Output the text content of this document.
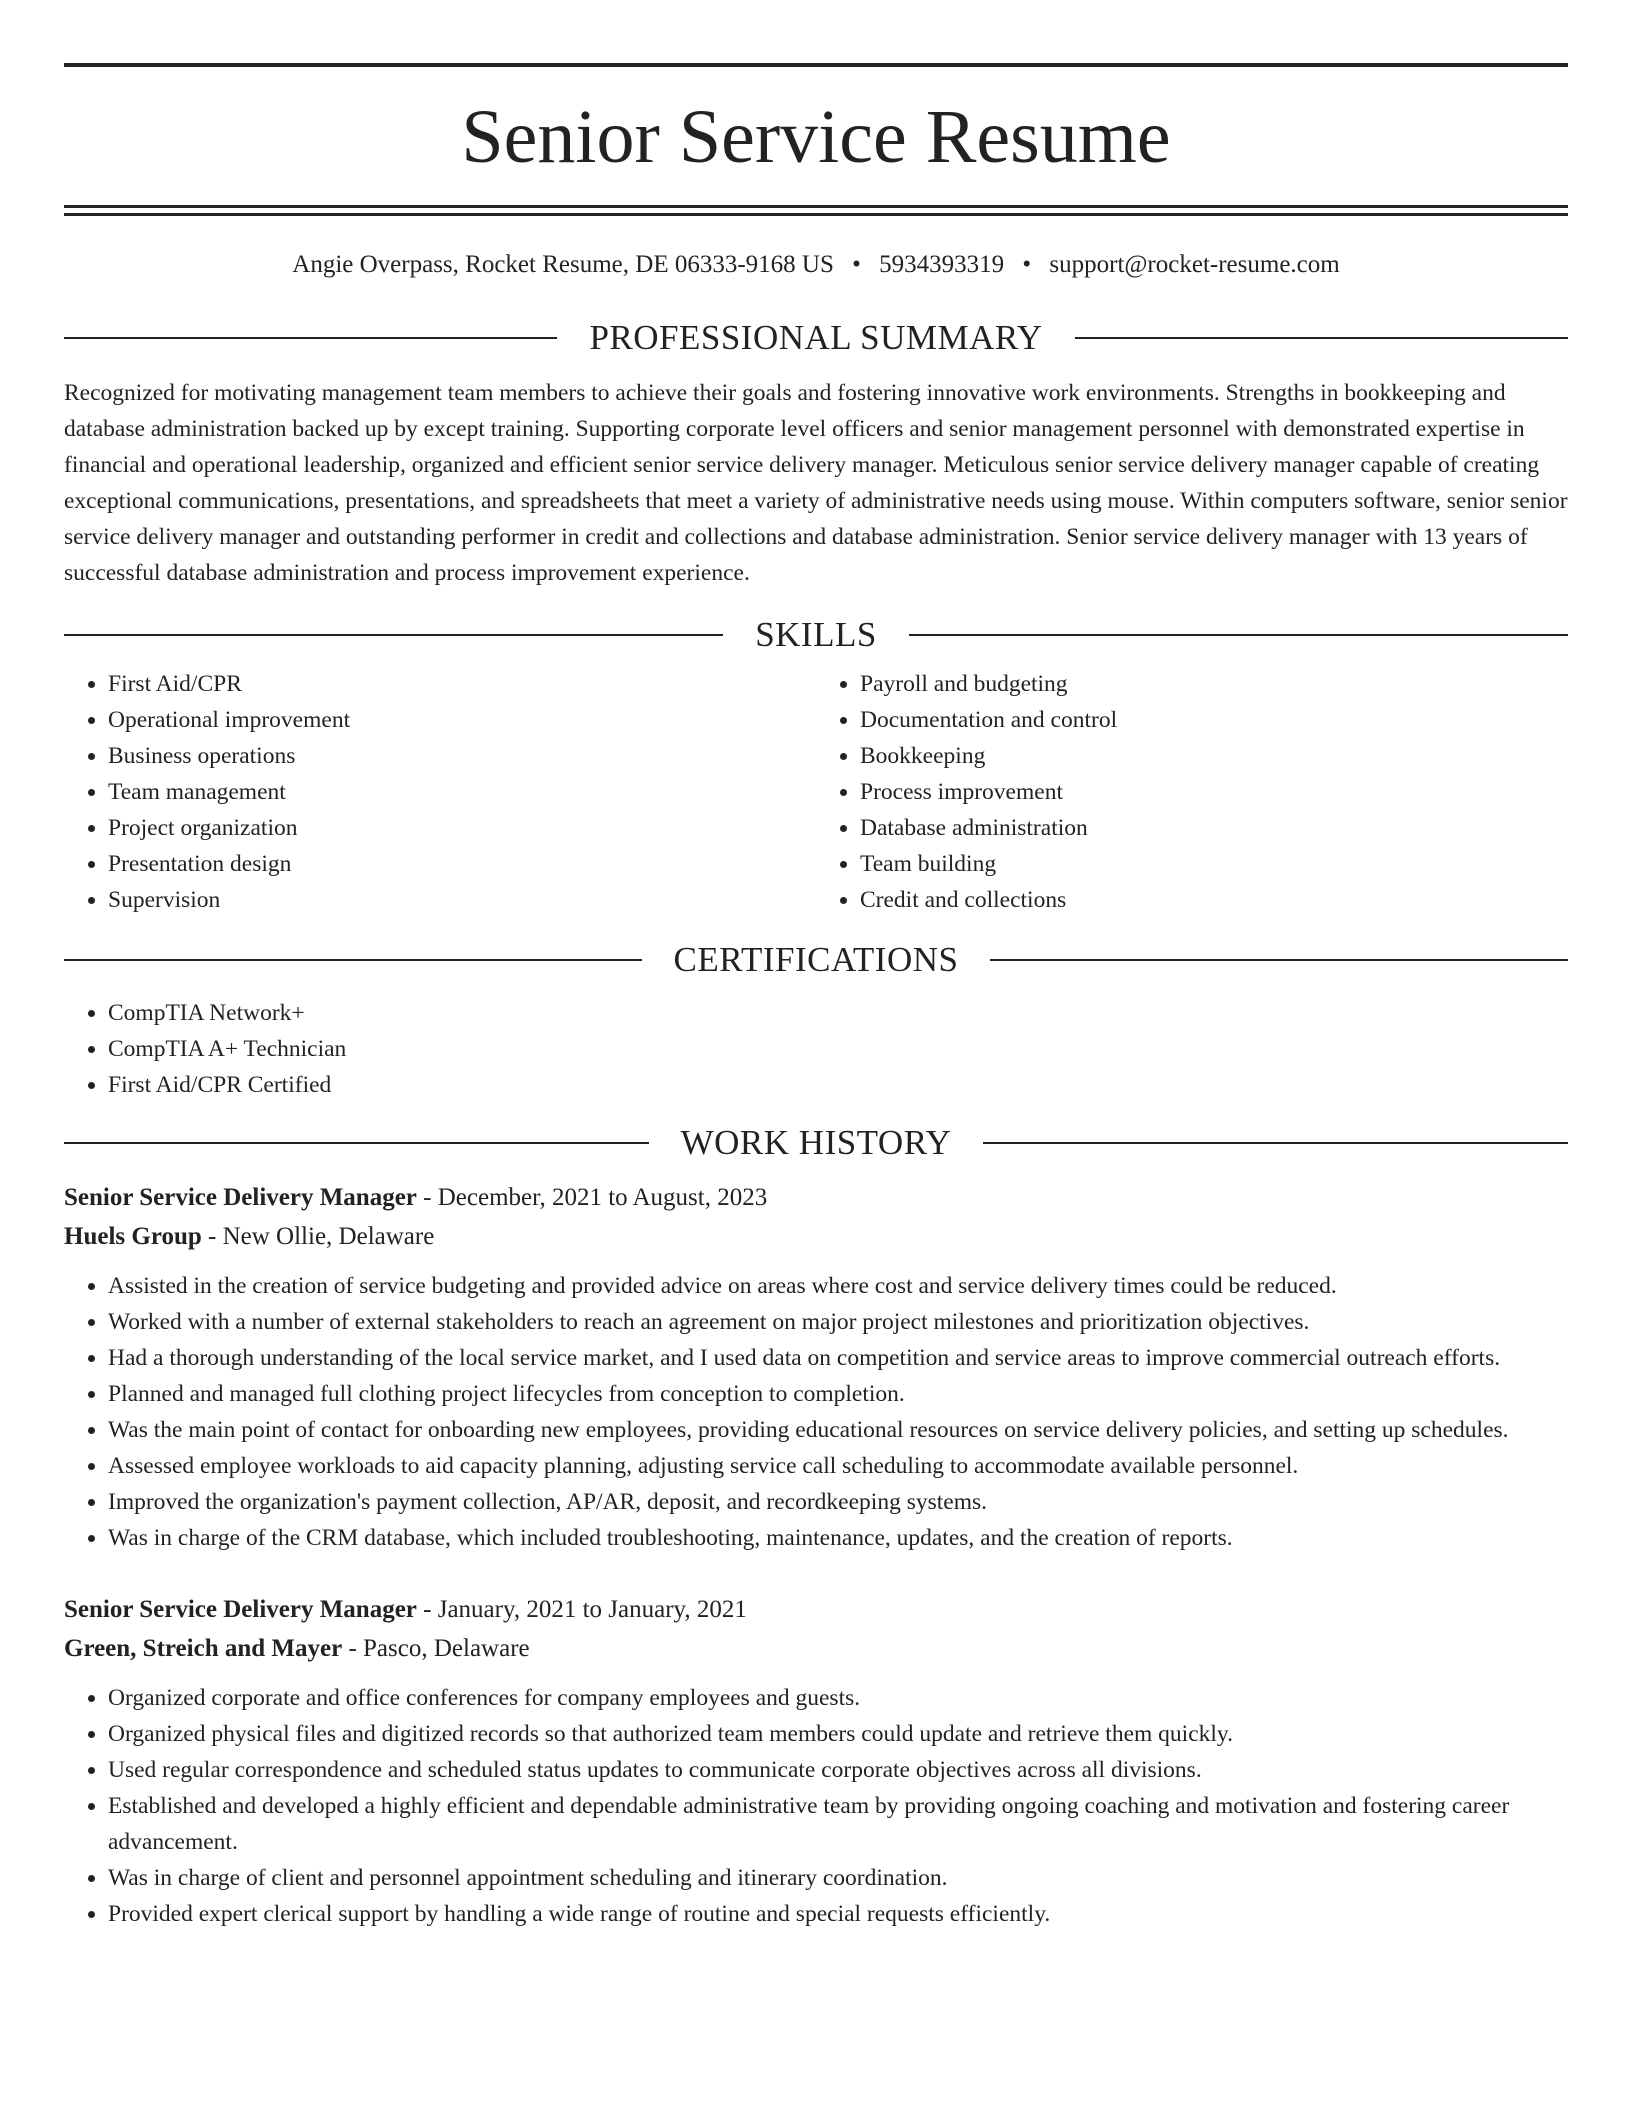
Senior Service Resume
Angie Overpass, Rocket Resume, DE 06333-9168 US • 5934393319 • support@rocket-resume.com
PROFESSIONAL SUMMARY

Recognized for motivating management team members to achieve their goals and fostering innovative work environments. Strengths in bookkeeping and database administration backed up by except training. Supporting corporate level officers and senior management personnel with demonstrated expertise in financial and operational leadership, organized and efficient senior service delivery manager. Meticulous senior service delivery manager capable of creating exceptional communications, presentations, and spreadsheets that meet a variety of administrative needs using mouse. Within computers software, senior senior service delivery manager and outstanding performer in credit and collections and database administration. Senior service delivery manager with 13 years of successful database administration and process improvement experience.

SKILLS
• First Aid/CPR
• Operational improvement
• Business operations
• Team management
• Project organization
• Presentation design
• Supervision
• Payroll and budgeting
• Documentation and control
• Bookkeeping
• Process improvement
• Database administration
• Team building
• Credit and collections
CERTIFICATIONS
• CompTIA Network+
• CompTIA A+ Technician
• First Aid/CPR Certified
WORK HISTORY
Senior Service Delivery Manager - December, 2021 to August, 2023
Huels Group - New Ollie, Delaware
• Assisted in the creation of service budgeting and provided advice on areas where cost and service delivery times could be reduced.
• Worked with a number of external stakeholders to reach an agreement on major project milestones and prioritization objectives.
• Had a thorough understanding of the local service market, and I used data on competition and service areas to improve commercial outreach efforts.
• Planned and managed full clothing project lifecycles from conception to completion.
• Was the main point of contact for onboarding new employees, providing educational resources on service delivery policies, and setting up schedules.
• Assessed employee workloads to aid capacity planning, adjusting service call scheduling to accommodate available personnel.
• Improved the organization's payment collection, AP/AR, deposit, and recordkeeping systems.
• Was in charge of the CRM database, which included troubleshooting, maintenance, updates, and the creation of reports.
Senior Service Delivery Manager - January, 2021 to January, 2021
Green, Streich and Mayer - Pasco, Delaware
• Organized corporate and office conferences for company employees and guests.
• Organized physical files and digitized records so that authorized team members could update and retrieve them quickly.
• Used regular correspondence and scheduled status updates to communicate corporate objectives across all divisions.
• Established and developed a highly efficient and dependable administrative team by providing ongoing coaching and motivation and fostering career advancement.
• Was in charge of client and personnel appointment scheduling and itinerary coordination.
• Provided expert clerical support by handling a wide range of routine and special requests efficiently.
